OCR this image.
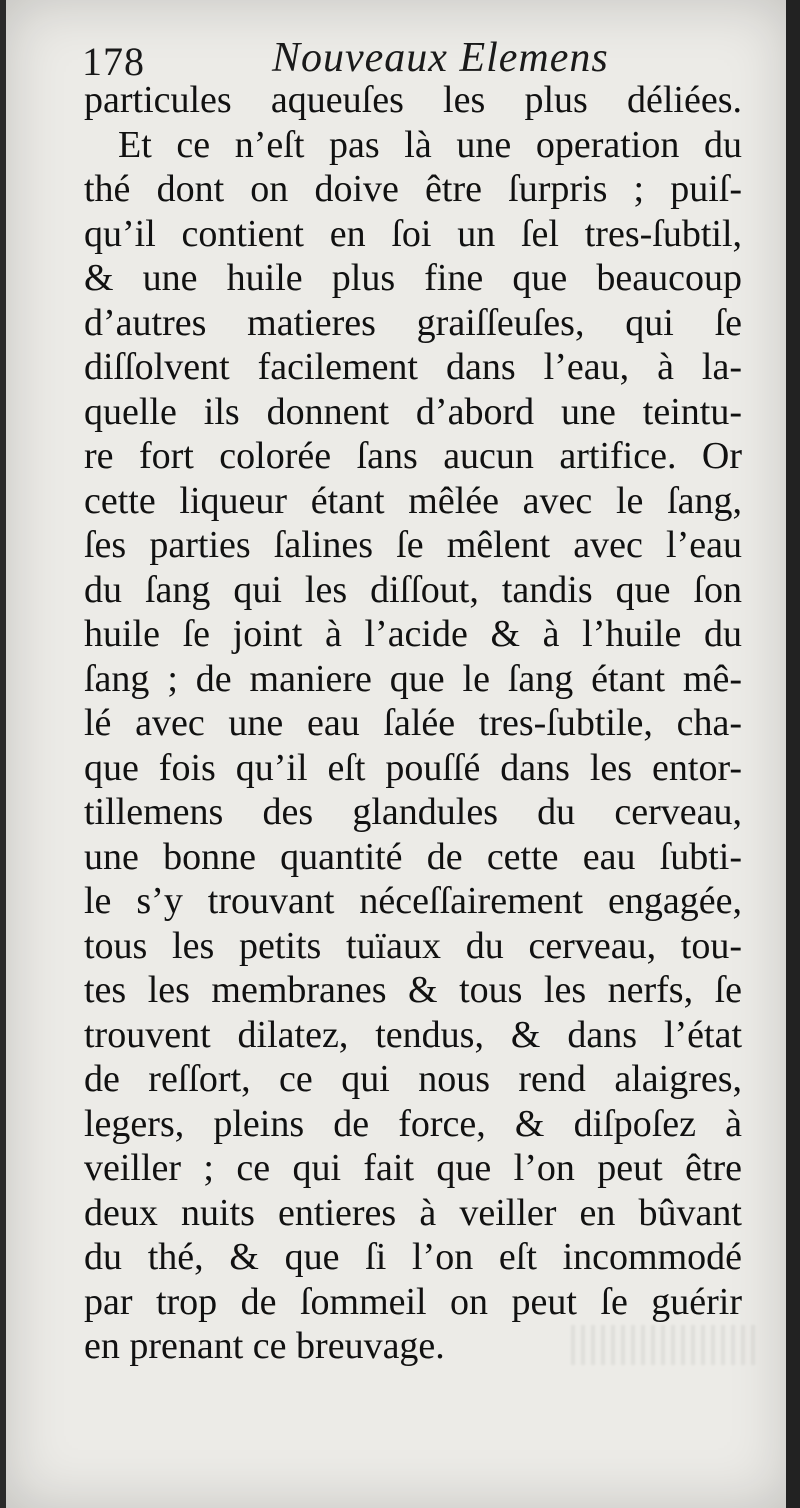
178	Nouveaux Elemens
particules aqueuſes les plus déliées.
Et ce n’eſt pas là une operation du
thé dont on doive être ſurpris ; puiſ-
qu’il contient en ſoi un ſel tres-ſubtil,
& une huile plus fine que beaucoup
d’autres matieres graiſſeuſes, qui ſe
diſſolvent facilement dans l’eau, à la-
quelle ils donnent d’abord une teintu-
re fort colorée ſans aucun artifice. Or
cette liqueur étant mêlée avec le ſang,
ſes parties ſalines ſe mêlent avec l’eau
du ſang qui les diſſout, tandis que ſon
huile ſe joint à l’acide & à l’huile du
ſang ; de maniere que le ſang étant mê-
lé avec une eau ſalée tres-ſubtile, cha-
que fois qu’il eſt pouſſé dans les entor-
tillemens des glandules du cerveau,
une bonne quantité de cette eau ſubti-
le s’y trouvant néceſſairement engagée,
tous les petits tuïaux du cerveau, tou-
tes les membranes & tous les nerfs, ſe
trouvent dilatez, tendus, & dans l’état
de reſſort, ce qui nous rend alaigres,
legers, pleins de force, & diſpoſez à
veiller ; ce qui fait que l’on peut être
deux nuits entieres à veiller en bûvant
du thé, & que ſi l’on eſt incommodé
par trop de ſommeil on peut ſe guérir
en prenant ce breuvage.
